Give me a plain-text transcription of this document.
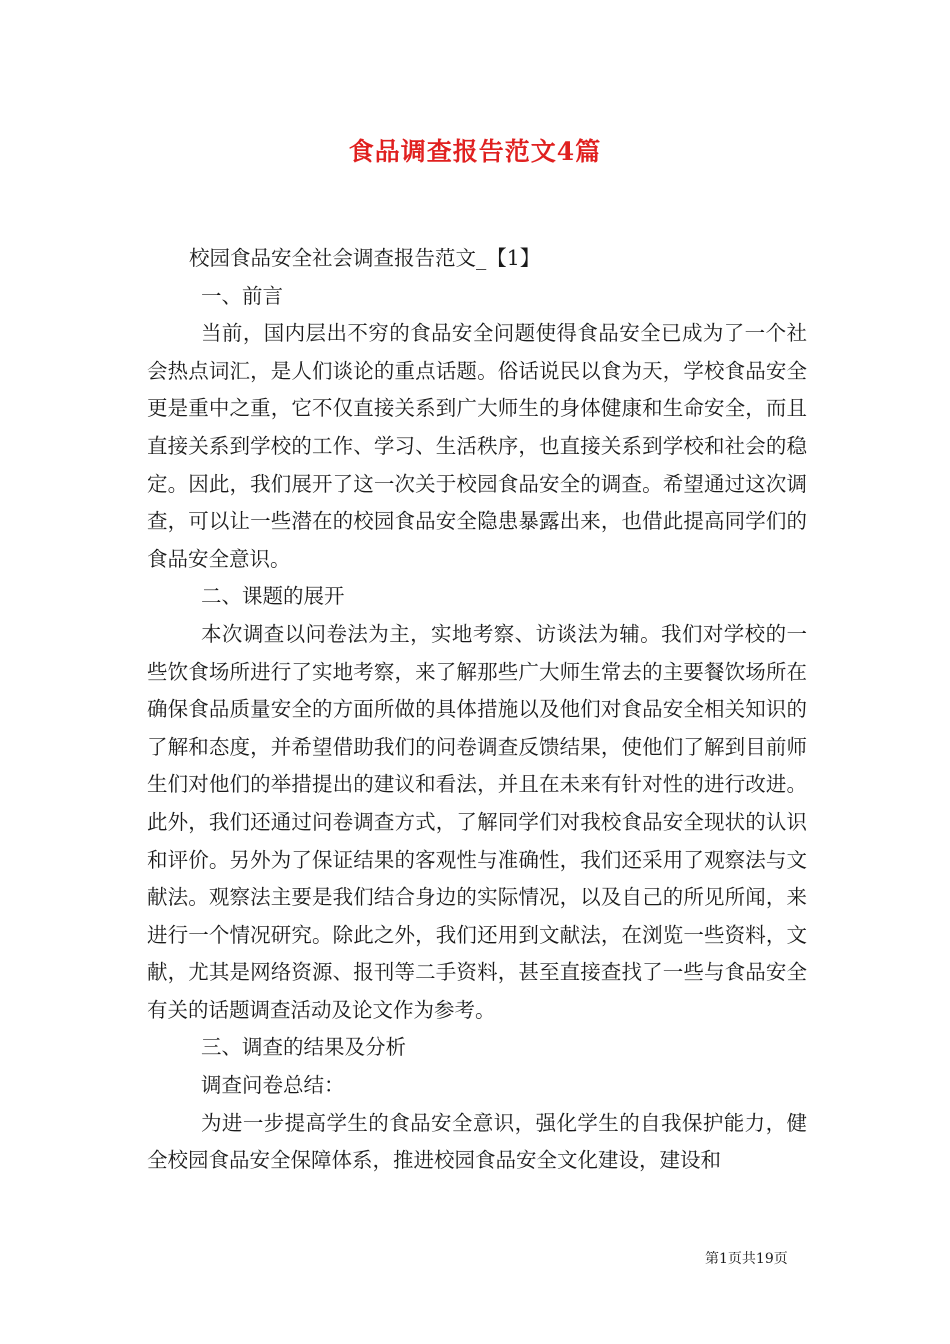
食品调查报告范文4篇

校园食品安全社会调查报告范文_【1】

一、前言

当前，国内层出不穷的食品安全问题使得食品安全已成为了一个社会热点词汇，是人们谈论的重点话题。俗话说民以食为天，学校食品安全更是重中之重，它不仅直接关系到广大师生的身体健康和生命安全，而且直接关系到学校的工作、学习、生活秩序，也直接关系到学校和社会的稳定。因此，我们展开了这一次关于校园食品安全的调查。希望通过这次调查，可以让一些潜在的校园食品安全隐患暴露出来，也借此提高同学们的食品安全意识。

二、课题的展开

本次调查以问卷法为主，实地考察、访谈法为辅。我们对学校的一些饮食场所进行了实地考察，来了解那些广大师生常去的主要餐饮场所在确保食品质量安全的方面所做的具体措施以及他们对食品安全相关知识的了解和态度，并希望借助我们的问卷调查反馈结果，使他们了解到目前师生们对他们的举措提出的建议和看法，并且在未来有针对性的进行改进。此外，我们还通过问卷调查方式，了解同学们对我校食品安全现状的认识和评价。另外为了保证结果的客观性与准确性，我们还采用了观察法与文献法。观察法主要是我们结合身边的实际情况，以及自己的所见所闻，来进行一个情况研究。除此之外，我们还用到文献法，在浏览一些资料，文献，尤其是网络资源、报刊等二手资料，甚至直接查找了一些与食品安全有关的话题调查活动及论文作为参考。

三、调查的结果及分析

调查问卷总结：

为进一步提高学生的食品安全意识，强化学生的自我保护能力，健全校园食品安全保障体系，推进校园食品安全文化建设，建设和

第1页共19页
